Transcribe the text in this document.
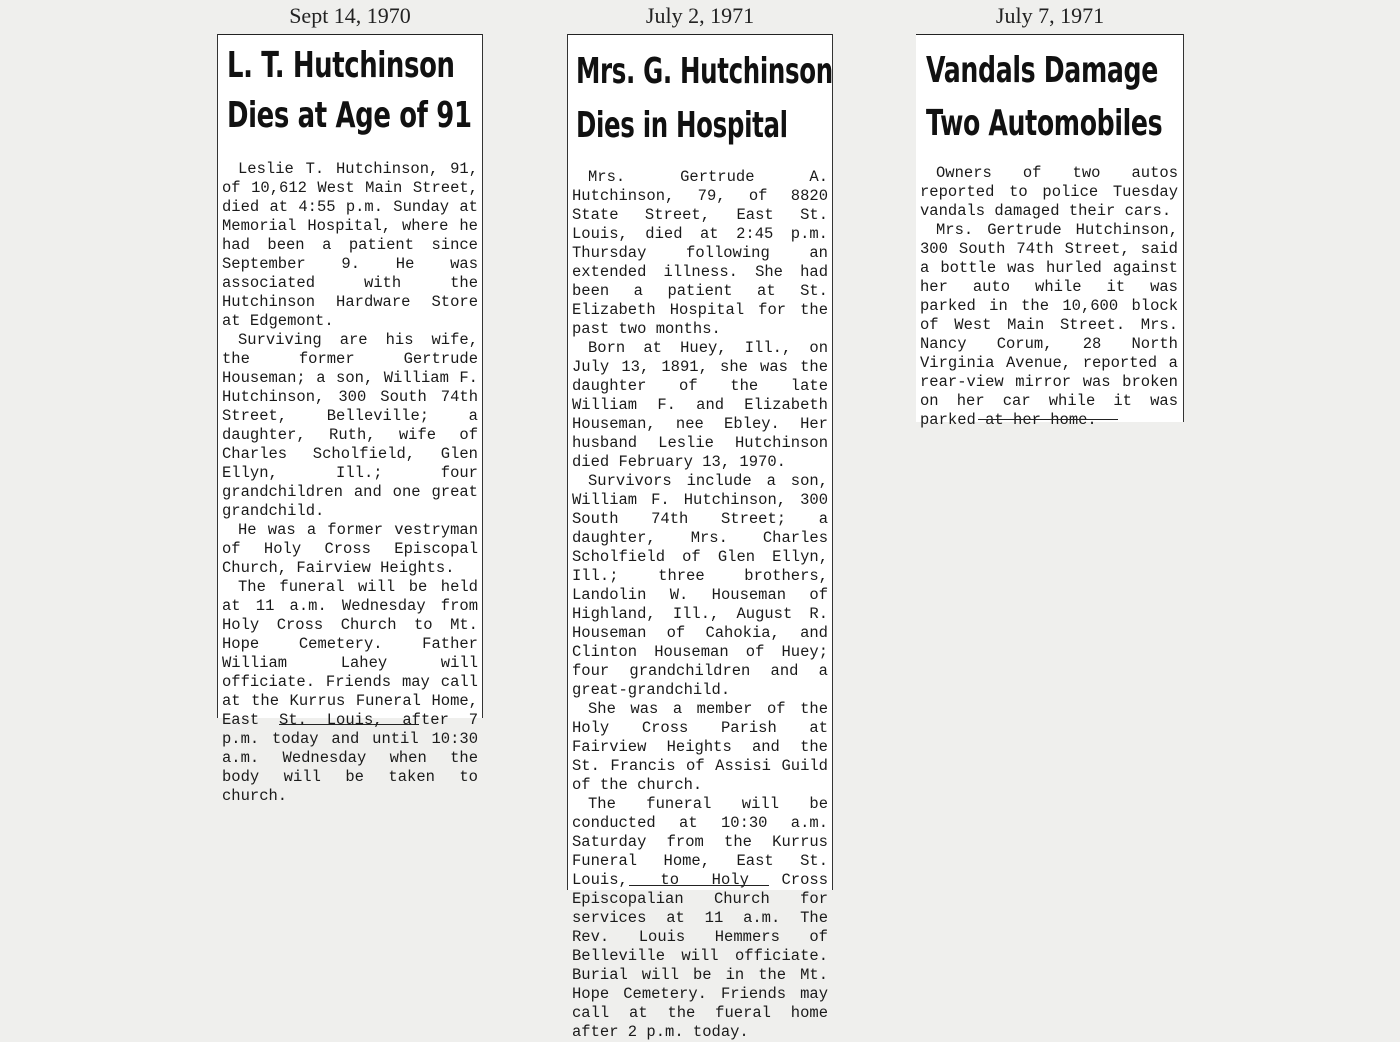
Sept 14, 1970
L. T. Hutchinson
Dies at Age of 91

Leslie T. Hutchinson, 91, of 10,612 West Main Street, died at 4:55 p.m. Sunday at Memorial Hospital, where he had been a patient since September 9. He was associated with the Hutchinson Hardware Store at Edgemont.

Surviving are his wife, the former Gertrude Houseman; a son, William F. Hutchinson, 300 South 74th Street, Belleville; a daughter, Ruth, wife of Charles Scholfield, Glen Ellyn, Ill.; four grandchildren and one great grandchild.

He was a former vestryman of Holy Cross Episcopal Church, Fairview Heights.

The funeral will be held at 11 a.m. Wednesday from Holy Cross Church to Mt. Hope Cemetery. Father William Lahey will officiate. Friends may call at the Kurrus Funeral Home, East St. Louis, after 7 p.m. today and until 10:30 a.m. Wednesday when the body will be taken to church.

July 2, 1971
Mrs. G. Hutchinson
Dies in Hospital

Mrs. Gertrude A. Hutchinson, 79, of 8820 State Street, East St. Louis, died at 2:45 p.m. Thursday following an extended illness. She had been a patient at St. Elizabeth Hospital for the past two months.

Born at Huey, Ill., on July 13, 1891, she was the daughter of the late William F. and Elizabeth Houseman, nee Ebley. Her husband Leslie Hutchinson died February 13, 1970.

Survivors include a son, William F. Hutchinson, 300 South 74th Street; a daughter, Mrs. Charles Scholfield of Glen Ellyn, Ill.; three brothers, Landolin W. Houseman of Highland, Ill., August R. Houseman of Cahokia, and Clinton Houseman of Huey; four grandchildren and a great-grandchild.

She was a member of the Holy Cross Parish at Fairview Heights and the St. Francis of Assisi Guild of the church.

The funeral will be conducted at 10:30 a.m. Saturday from the Kurrus Funeral Home, East St. Louis, to Holy Cross Episcopalian Church for services at 11 a.m. The Rev. Louis Hemmers of Belleville will officiate. Burial will be in the Mt. Hope Cemetery. Friends may call at the fueral home after 2 p.m. today.

July 7, 1971
Vandals Damage
Two Automobiles

Owners of two autos reported to police Tuesday vandals damaged their cars.

Mrs. Gertrude Hutchinson, 300 South 74th Street, said a bottle was hurled against her auto while it was parked in the 10,600 block of West Main Street. Mrs. Nancy Corum, 28 North Virginia Avenue, reported a rear-view mirror was broken on her car while it was parked at her home.
